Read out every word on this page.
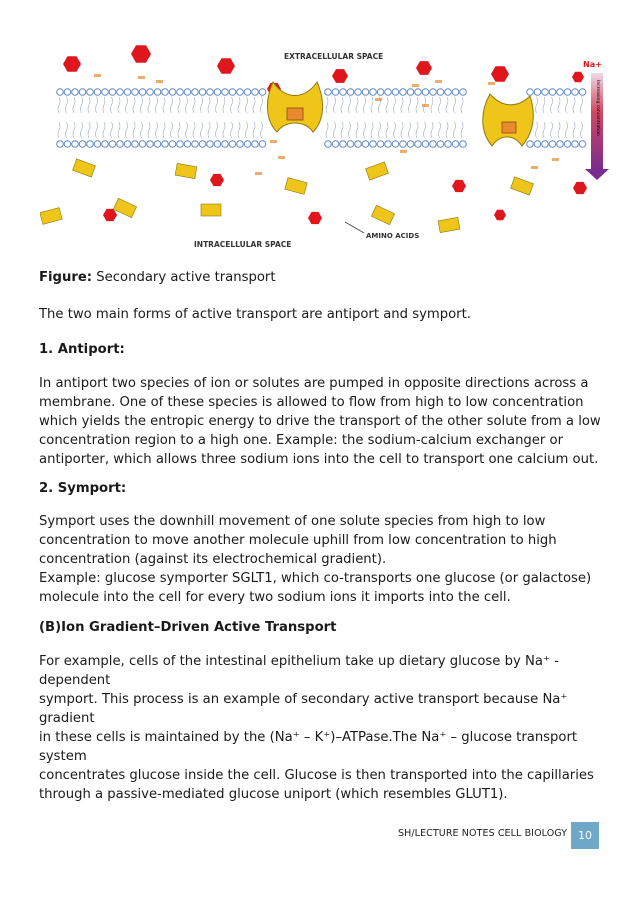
Increasing concentration
EXTRACELLULAR SPACE
INTRACELLULAR SPACE
AMINO ACIDS
Na+
Figure: Secondary active transport
The two main forms of active transport are antiport and symport.
1. Antiport:
In antiport two species of ion or solutes are pumped in opposite directions across a
membrane. One of these species is allowed to flow from high to low concentration
which yields the entropic energy to drive the transport of the other solute from a low
concentration region to a high one. Example: the sodium-calcium exchanger or
antiporter, which allows three sodium ions into the cell to transport one calcium out.
2. Symport:
Symport uses the downhill movement of one solute species from high to low
concentration to move another molecule uphill from low concentration to high
concentration (against its electrochemical gradient).
Example: glucose symporter SGLT1, which co-transports one glucose (or galactose)
molecule into the cell for every two sodium ions it imports into the cell.
(B)Ion Gradient–Driven Active Transport
For example, cells of the intestinal epithelium take up dietary glucose by Na⁺ -dependent
symport. This process is an example of secondary active transport because Na⁺ gradient
in these cells is maintained by the (Na⁺ – K⁺)–ATPase.The Na⁺ – glucose transport system
concentrates glucose inside the cell. Glucose is then transported into the capillaries
through a passive-mediated glucose uniport (which resembles GLUT1).
SH/LECTURE NOTES CELL BIOLOGY 10
